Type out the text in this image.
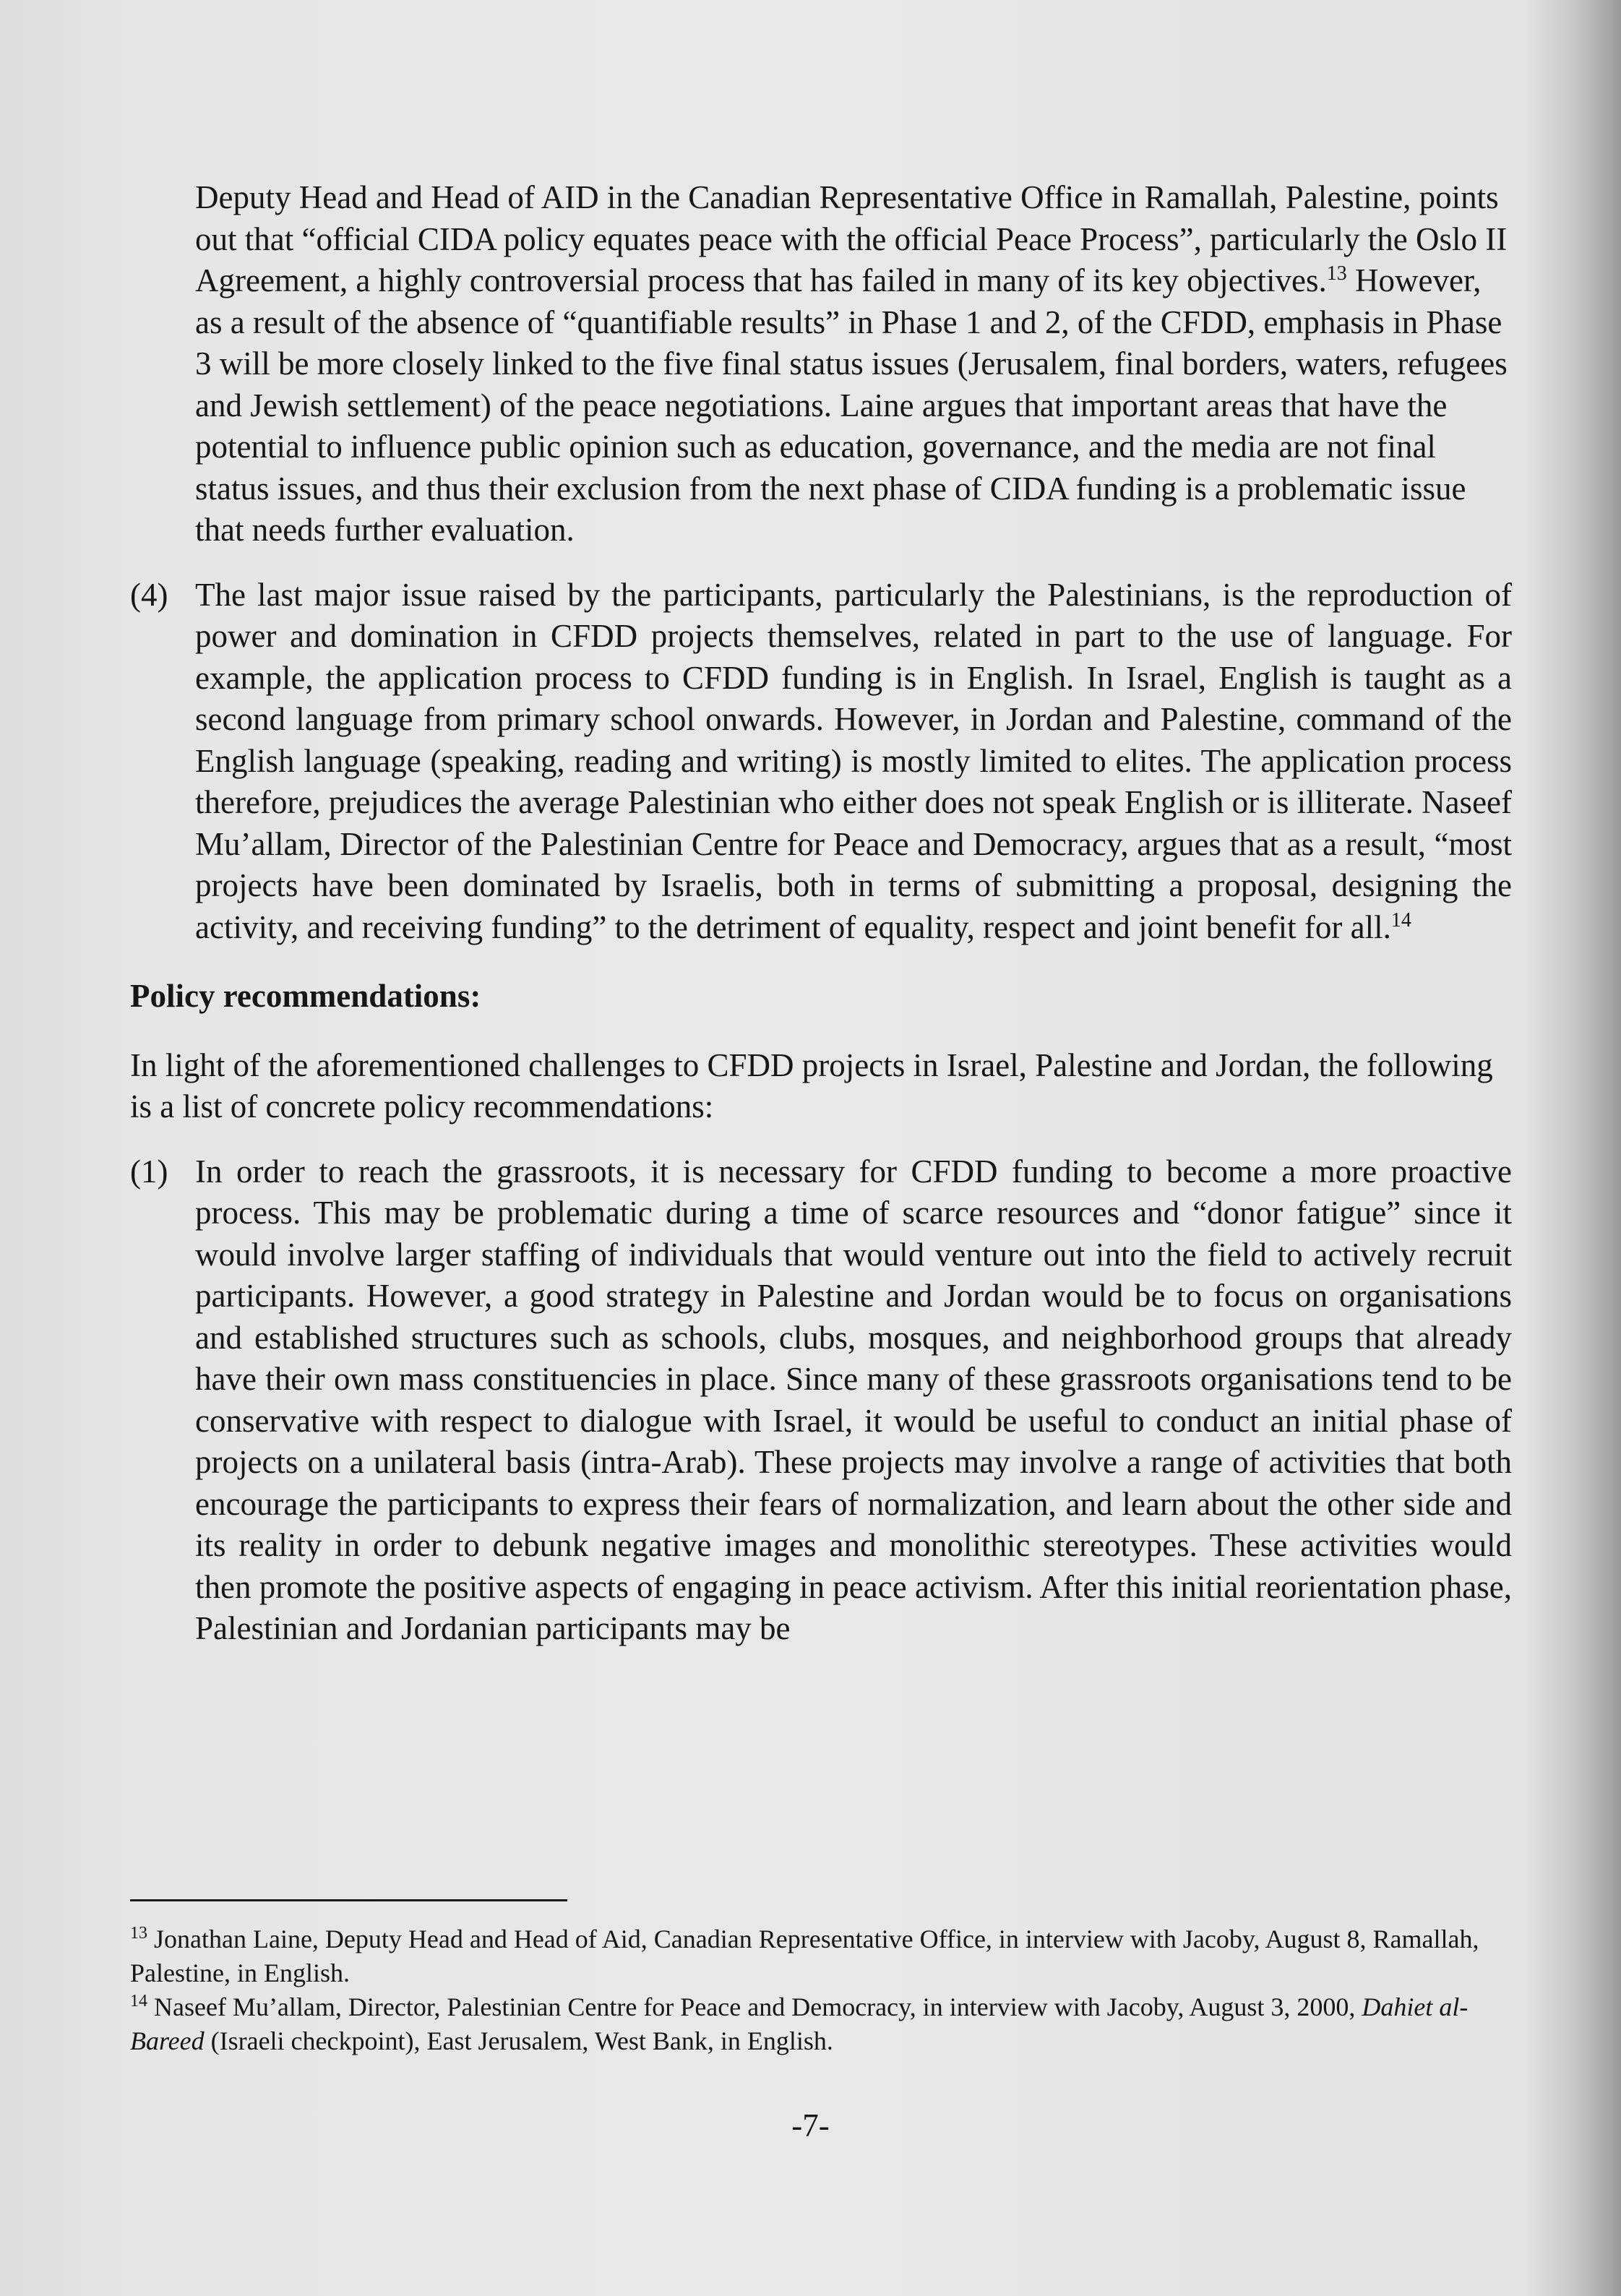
Deputy Head and Head of AID in the Canadian Representative Office in Ramallah, Palestine, points out that “official CIDA policy equates peace with the official Peace Process”, particularly the Oslo II Agreement, a highly controversial process that has failed in many of its key objectives.$^{13}$ However, as a result of the absence of “quantifiable results” in Phase 1 and 2, of the CFDD, emphasis in Phase 3 will be more closely linked to the five final status issues (Jerusalem, final borders, waters, refugees and Jewish settlement) of the peace negotiations. Laine argues that important areas that have the potential to influence public opinion such as education, governance, and the media are not final status issues, and thus their exclusion from the next phase of CIDA funding is a problematic issue that needs further evaluation.

(4) The last major issue raised by the participants, particularly the Palestinians, is the reproduction of power and domination in CFDD projects themselves, related in part to the use of language. For example, the application process to CFDD funding is in English. In Israel, English is taught as a second language from primary school onwards. However, in Jordan and Palestine, command of the English language (speaking, reading and writing) is mostly limited to elites. The application process therefore, prejudices the average Palestinian who either does not speak English or is illiterate. Naseef Mu’allam, Director of the Palestinian Centre for Peace and Democracy, argues that as a result, “most projects have been dominated by Israelis, both in terms of submitting a proposal, designing the activity, and receiving funding” to the detriment of equality, respect and joint benefit for all.$^{14}$

Policy recommendations:

In light of the aforementioned challenges to CFDD projects in Israel, Palestine and Jordan, the following is a list of concrete policy recommendations:

(1) In order to reach the grassroots, it is necessary for CFDD funding to become a more proactive process. This may be problematic during a time of scarce resources and “donor fatigue” since it would involve larger staffing of individuals that would venture out into the field to actively recruit participants. However, a good strategy in Palestine and Jordan would be to focus on organisations and established structures such as schools, clubs, mosques, and neighborhood groups that already have their own mass constituencies in place. Since many of these grassroots organisations tend to be conservative with respect to dialogue with Israel, it would be useful to conduct an initial phase of projects on a unilateral basis (intra-Arab). These projects may involve a range of activities that both encourage the participants to express their fears of normalization, and learn about the other side and its reality in order to debunk negative images and monolithic stereotypes. These activities would then promote the positive aspects of engaging in peace activism. After this initial reorientation phase, Palestinian and Jordanian participants may be
$^{13}$ Jonathan Laine, Deputy Head and Head of Aid, Canadian Representative Office, in interview with Jacoby, August 8, Ramallah, Palestine, in English.
$^{14}$ Naseef Mu’allam, Director, Palestinian Centre for Peace and Democracy, in interview with Jacoby, August 3, 2000, Dahiet al-Bareed (Israeli checkpoint), East Jerusalem, West Bank, in English.
-7-
